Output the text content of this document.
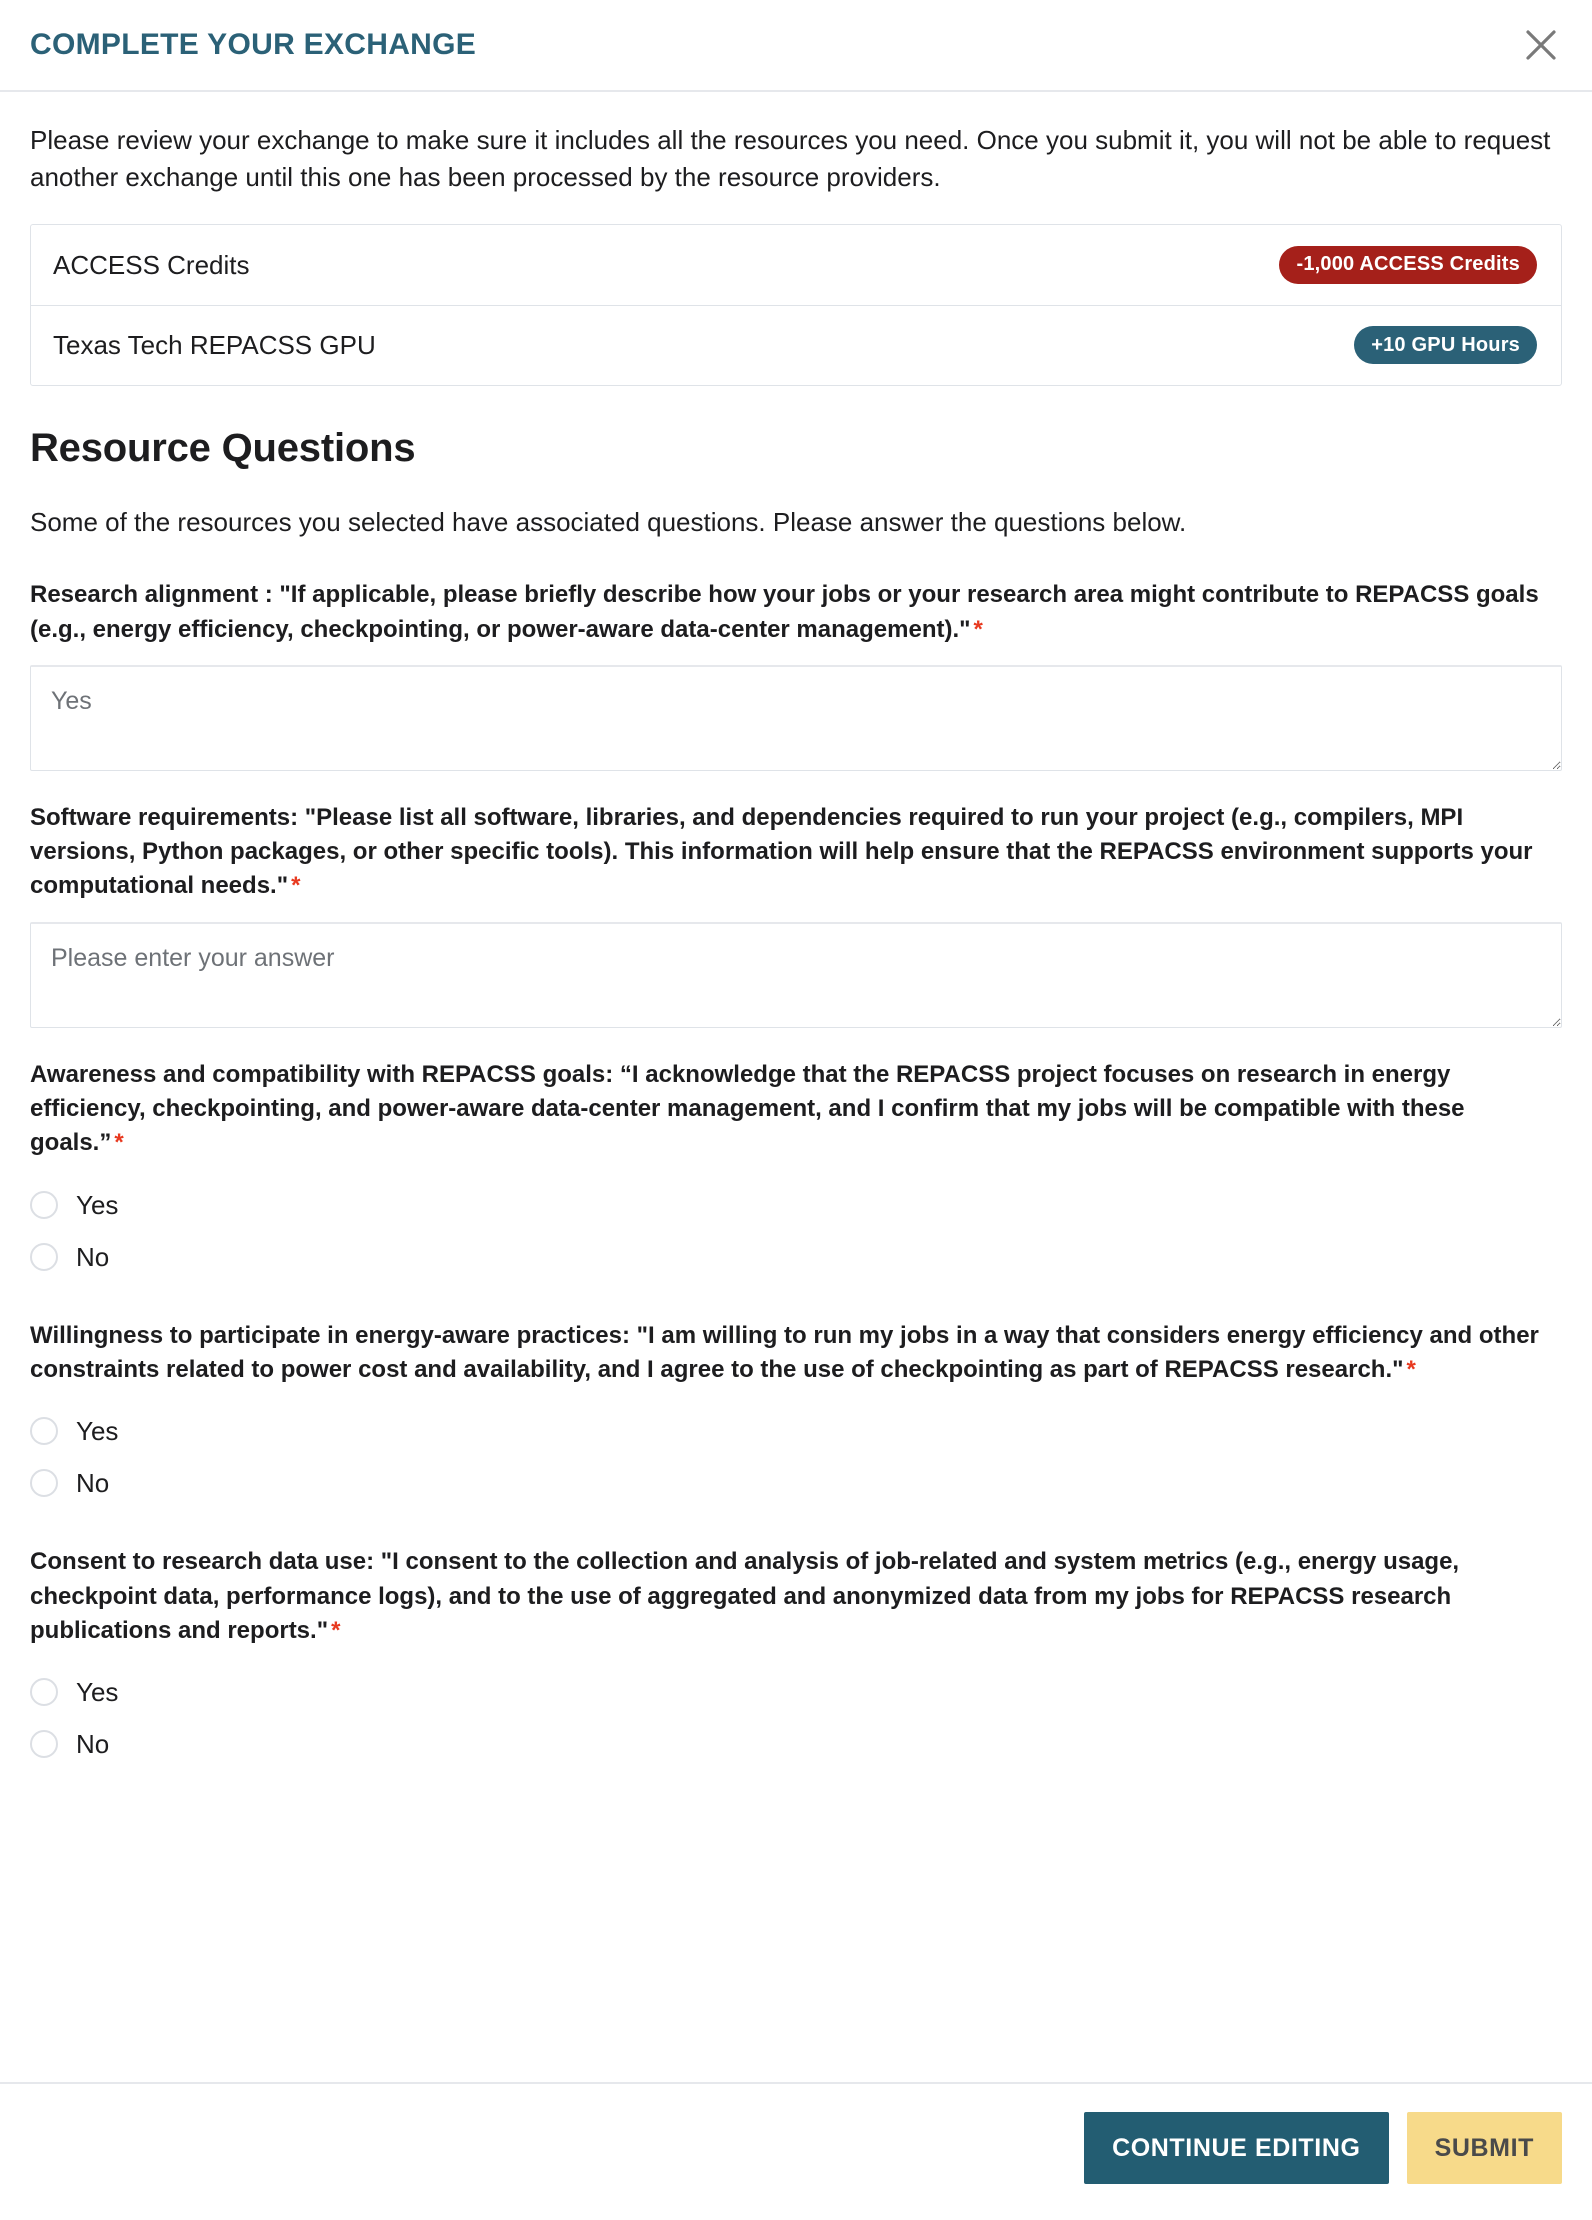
COMPLETE YOUR EXCHANGE

Please review your exchange to make sure it includes all the resources you need. Once you submit it, you will not be able to request another exchange until this one has been processed by the resource providers.

ACCESS Credits	-1,000 ACCESS Credits
Texas Tech REPACSS GPU	+10 GPU Hours
Resource Questions

Some of the resources you selected have associated questions. Please answer the questions below.

Research alignment : "If applicable, please briefly describe how your jobs or your research area might contribute to REPACSS goals (e.g., energy efficiency, checkpointing, or power-aware data-center management)." *
Yes
Software requirements: "Please list all software, libraries, and dependencies required to run your project (e.g., compilers, MPI versions, Python packages, or other specific tools). This information will help ensure that the REPACSS environment supports your computational needs." *
Please enter your answer
Awareness and compatibility with REPACSS goals: “I acknowledge that the REPACSS project focuses on research in energy efficiency, checkpointing, and power-aware data-center management, and I confirm that my jobs will be compatible with these goals.” *
Yes
No
Willingness to participate in energy-aware practices: "I am willing to run my jobs in a way that considers energy efficiency and other constraints related to power cost and availability, and I agree to the use of checkpointing as part of REPACSS research." *
Yes
No
Consent to research data use: "I consent to the collection and analysis of job-related and system metrics (e.g., energy usage, checkpoint data, performance logs), and to the use of aggregated and anonymized data from my jobs for REPACSS research publications and reports." *
Yes
No
CONTINUE EDITING	SUBMIT
